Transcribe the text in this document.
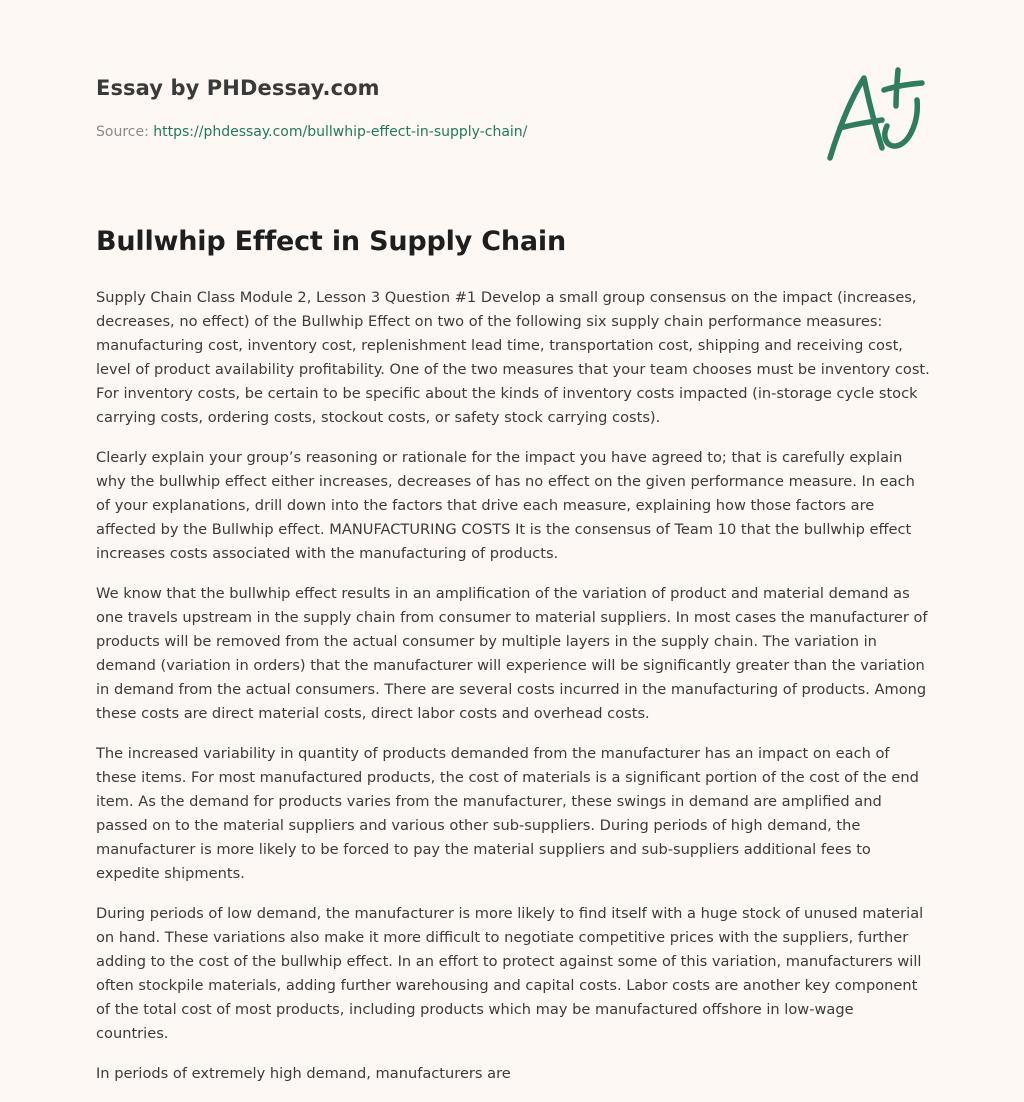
Essay by PHDessay.com
Source: https://phdessay.com/bullwhip-effect-in-supply-chain/
Bullwhip Effect in Supply Chain

Supply Chain Class Module 2, Lesson 3 Question #1 Develop a small group consensus on the impact (increases, decreases, no effect) of the Bullwhip Effect on two of the following six supply chain performance measures: manufacturing cost, inventory cost, replenishment lead time, transportation cost, shipping and receiving cost, level of product availability profitability. One of the two measures that your team chooses must be inventory cost. For inventory costs, be certain to be specific about the kinds of inventory costs impacted (in-storage cycle stock carrying costs, ordering costs, stockout costs, or safety stock carrying costs).

Clearly explain your group’s reasoning or rationale for the impact you have agreed to; that is carefully explain why the bullwhip effect either increases, decreases of has no effect on the given performance measure. In each of your explanations, drill down into the factors that drive each measure, explaining how those factors are affected by the Bullwhip effect. MANUFACTURING COSTS It is the consensus of Team 10 that the bullwhip effect increases costs associated with the manufacturing of products.

We know that the bullwhip effect results in an amplification of the variation of product and material demand as one travels upstream in the supply chain from consumer to material suppliers. In most cases the manufacturer of products will be removed from the actual consumer by multiple layers in the supply chain. The variation in demand (variation in orders) that the manufacturer will experience will be significantly greater than the variation in demand from the actual consumers. There are several costs incurred in the manufacturing of products. Among these costs are direct material costs, direct labor costs and overhead costs.

The increased variability in quantity of products demanded from the manufacturer has an impact on each of these items. For most manufactured products, the cost of materials is a significant portion of the cost of the end item. As the demand for products varies from the manufacturer, these swings in demand are amplified and passed on to the material suppliers and various other sub-suppliers. During periods of high demand, the manufacturer is more likely to be forced to pay the material suppliers and sub-suppliers additional fees to expedite shipments.

During periods of low demand, the manufacturer is more likely to find itself with a huge stock of unused material on hand. These variations also make it more difficult to negotiate competitive prices with the suppliers, further adding to the cost of the bullwhip effect. In an effort to protect against some of this variation, manufacturers will often stockpile materials, adding further warehousing and capital costs. Labor costs are another key component of the total cost of most products, including products which may be manufactured offshore in low-wage countries.

In periods of extremely high demand, manufacturers are
